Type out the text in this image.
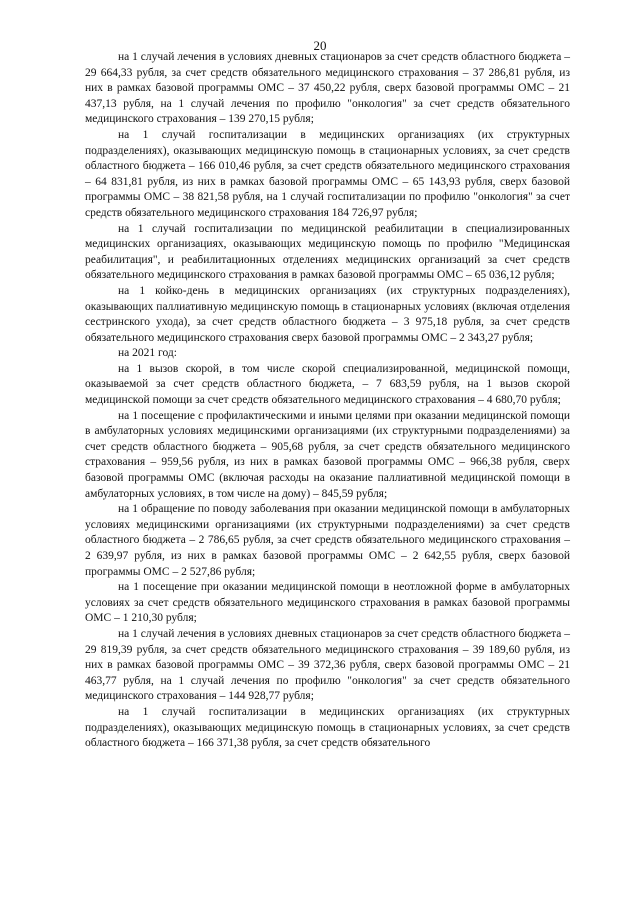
20

на 1 случай лечения в условиях дневных стационаров за счет средств областного бюджета – 29 664,33 рубля, за счет средств обязательного медицинского страхования – 37 286,81 рубля, из них в рамках базовой программы ОМС – 37 450,22 рубля, сверх базовой программы ОМС – 21 437,13 рубля, на 1 случай лечения по профилю "онкология" за счет средств обязательного медицинского страхования – 139 270,15 рубля;

на 1 случай госпитализации в медицинских организациях (их структурных подразделениях), оказывающих медицинскую помощь в стационарных условиях, за счет средств областного бюджета – 166 010,46 рубля, за счет средств обязательного медицинского страхования – 64 831,81 рубля, из них в рамках базовой программы ОМС – 65 143,93 рубля, сверх базовой программы ОМС – 38 821,58 рубля, на 1 случай госпитализации по профилю "онкология" за счет средств обязательного медицинского страхования 184 726,97 рубля;

на 1 случай госпитализации по медицинской реабилитации в специализированных медицинских организациях, оказывающих медицинскую помощь по профилю "Медицинская реабилитация", и реабилитационных отделениях медицинских организаций за счет средств обязательного медицинского страхования в рамках базовой программы ОМС – 65 036,12 рубля;

на 1 койко-день в медицинских организациях (их структурных подразделениях), оказывающих паллиативную медицинскую помощь в стационарных условиях (включая отделения сестринского ухода), за счет средств областного бюджета – 3 975,18 рубля, за счет средств обязательного медицинского страхования сверх базовой программы ОМС – 2 343,27 рубля;

на 2021 год:

на 1 вызов скорой, в том числе скорой специализированной, медицинской помощи, оказываемой за счет средств областного бюджета, – 7 683,59 рубля, на 1 вызов скорой медицинской помощи за счет средств обязательного медицинского страхования – 4 680,70 рубля;

на 1 посещение с профилактическими и иными целями при оказании медицинской помощи в амбулаторных условиях медицинскими организациями (их структурными подразделениями) за счет средств областного бюджета – 905,68 рубля, за счет средств обязательного медицинского страхования – 959,56 рубля, из них в рамках базовой программы ОМС – 966,38 рубля, сверх базовой программы ОМС (включая расходы на оказание паллиативной медицинской помощи в амбулаторных условиях, в том числе на дому) – 845,59 рубля;

на 1 обращение по поводу заболевания при оказании медицинской помощи в амбулаторных условиях медицинскими организациями (их структурными подразделениями) за счет средств областного бюджета – 2 786,65 рубля, за счет средств обязательного медицинского страхования – 2 639,97 рубля, из них в рамках базовой программы ОМС – 2 642,55 рубля, сверх базовой программы ОМС – 2 527,86 рубля;

на 1 посещение при оказании медицинской помощи в неотложной форме в амбулаторных условиях за счет средств обязательного медицинского страхования в рамках базовой программы ОМС – 1 210,30 рубля;

на 1 случай лечения в условиях дневных стационаров за счет средств областного бюджета – 29 819,39 рубля, за счет средств обязательного медицинского страхования – 39 189,60 рубля, из них в рамках базовой программы ОМС – 39 372,36 рубля, сверх базовой программы ОМС – 21 463,77 рубля, на 1 случай лечения по профилю "онкология" за счет средств обязательного медицинского страхования – 144 928,77 рубля;

на 1 случай госпитализации в медицинских организациях (их структурных подразделениях), оказывающих медицинскую помощь в стационарных условиях, за счет средств областного бюджета – 166 371,38 рубля, за счет средств обязательного
